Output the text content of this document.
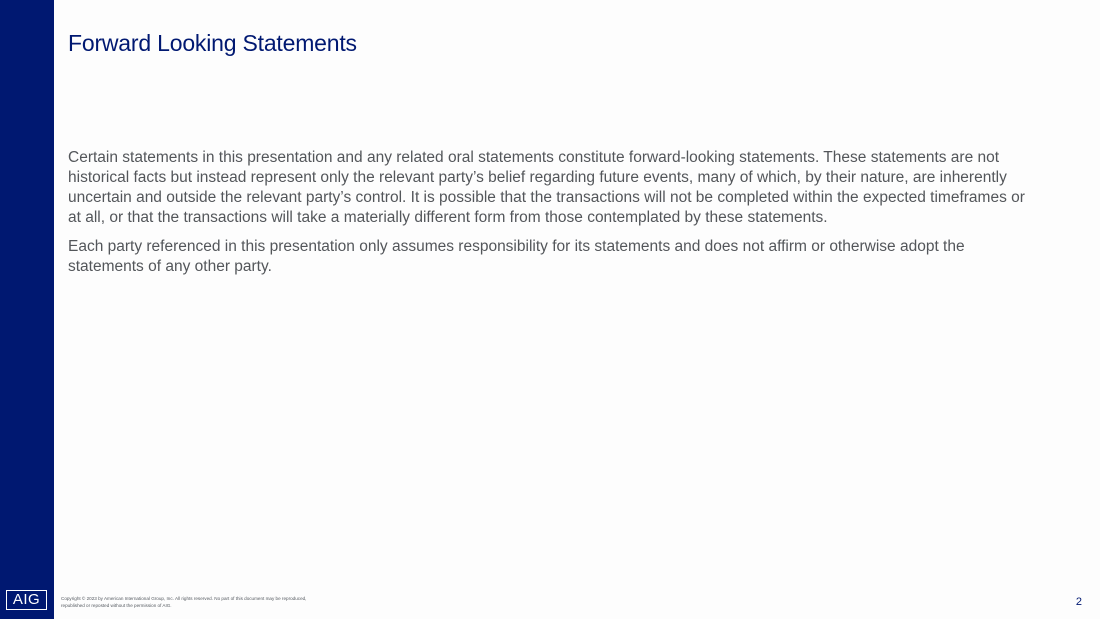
Forward Looking Statements

Certain statements in this presentation and any related oral statements constitute forward-looking statements. These statements are not historical facts but instead represent only the relevant party’s belief regarding future events, many of which, by their nature, are inherently uncertain and outside the relevant party’s control. It is possible that the transactions will not be completed within the expected timeframes or at all, or that the transactions will take a materially different form from those contemplated by these statements.

Each party referenced in this presentation only assumes responsibility for its statements and does not affirm or otherwise adopt the statements of any other party.

AIG	Copyright © 2023 by American International Group, Inc. All rights reserved. No part of this document may be reproduced, republished or reposted without the permission of AIG.	2
